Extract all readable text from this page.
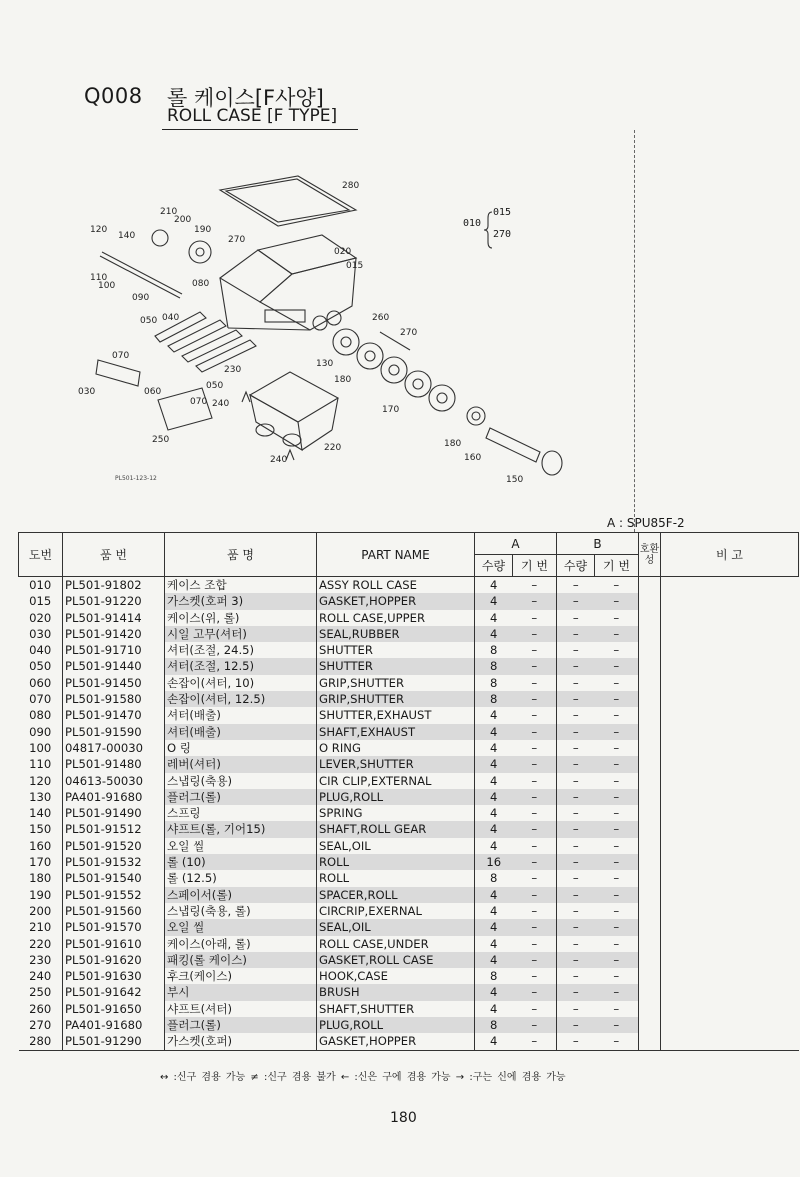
Q008 롤 케이스[F사양]
ROLL CASE [F TYPE]
280
210
200
190
120
140	270
020
015
110
100	080
090
050 040	260
270
070
230
130
180
030	060
050
070 240
170
250	180
160
220
240
150
015
010
270
PL501-123-12
A : SPU85F-2
도번	품 번	품 명	PART NAME	A		B		호환성	비 고
				수량	기 번	수량	기 번		
010	PL501-91802	케이스 조합	ASSY ROLL CASE	4	–	–	–		
015	PL501-91220	가스켓(호퍼 3)	GASKET,HOPPER	4	–	–	–		
020	PL501-91414	케이스(위, 롤)	ROLL CASE,UPPER	4	–	–	–		
030	PL501-91420	시일 고무(셔터)	SEAL,RUBBER	4	–	–	–		
040	PL501-91710	셔터(조절, 24.5)	SHUTTER	8	–	–	–		
050	PL501-91440	셔터(조절, 12.5)	SHUTTER	8	–	–	–		
060	PL501-91450	손잡이(셔터, 10)	GRIP,SHUTTER	8	–	–	–		
070	PL501-91580	손잡이(셔터, 12.5)	GRIP,SHUTTER	8	–	–	–		
080	PL501-91470	셔터(배출)	SHUTTER,EXHAUST	4	–	–	–		
090	PL501-91590	셔터(배출)	SHAFT,EXHAUST	4	–	–	–		
100	04817-00030	O 링	O RING	4	–	–	–		
110	PL501-91480	레버(셔터)	LEVER,SHUTTER	4	–	–	–		
120	04613-50030	스냅링(축용)	CIR CLIP,EXTERNAL	4	–	–	–		
130	PA401-91680	플러그(롤)	PLUG,ROLL	4	–	–	–		
140	PL501-91490	스프링	SPRING	4	–	–	–		
150	PL501-91512	샤프트(롤, 기어15)	SHAFT,ROLL GEAR	4	–	–	–		
160	PL501-91520	오일 씰	SEAL,OIL	4	–	–	–		
170	PL501-91532	롤 (10)	ROLL	16	–	–	–		
180	PL501-91540	롤 (12.5)	ROLL	8	–	–	–		
190	PL501-91552	스페이서(롤)	SPACER,ROLL	4	–	–	–		
200	PL501-91560	스냅링(축용, 롤)	CIRCRIP,EXERNAL	4	–	–	–		
210	PL501-91570	오일 씰	SEAL,OIL	4	–	–	–		
220	PL501-91610	케이스(아래, 롤)	ROLL CASE,UNDER	4	–	–	–		
230	PL501-91620	패킹(롤 케이스)	GASKET,ROLL CASE	4	–	–	–		
240	PL501-91630	후크(케이스)	HOOK,CASE	8	–	–	–		
250	PL501-91642	부시	BRUSH	4	–	–	–		
260	PL501-91650	샤프트(셔터)	SHAFT,SHUTTER	4	–	–	–		
270	PA401-91680	플러그(롤)	PLUG,ROLL	8	–	–	–		
280	PL501-91290	가스켓(호퍼)	GASKET,HOPPER	4	–	–	–		
↔ :신구 겸용 가능 ≠ :신구 겸용 불가 ← :신은 구에 겸용 가능 → :구는 신에 겸용 가능
180
